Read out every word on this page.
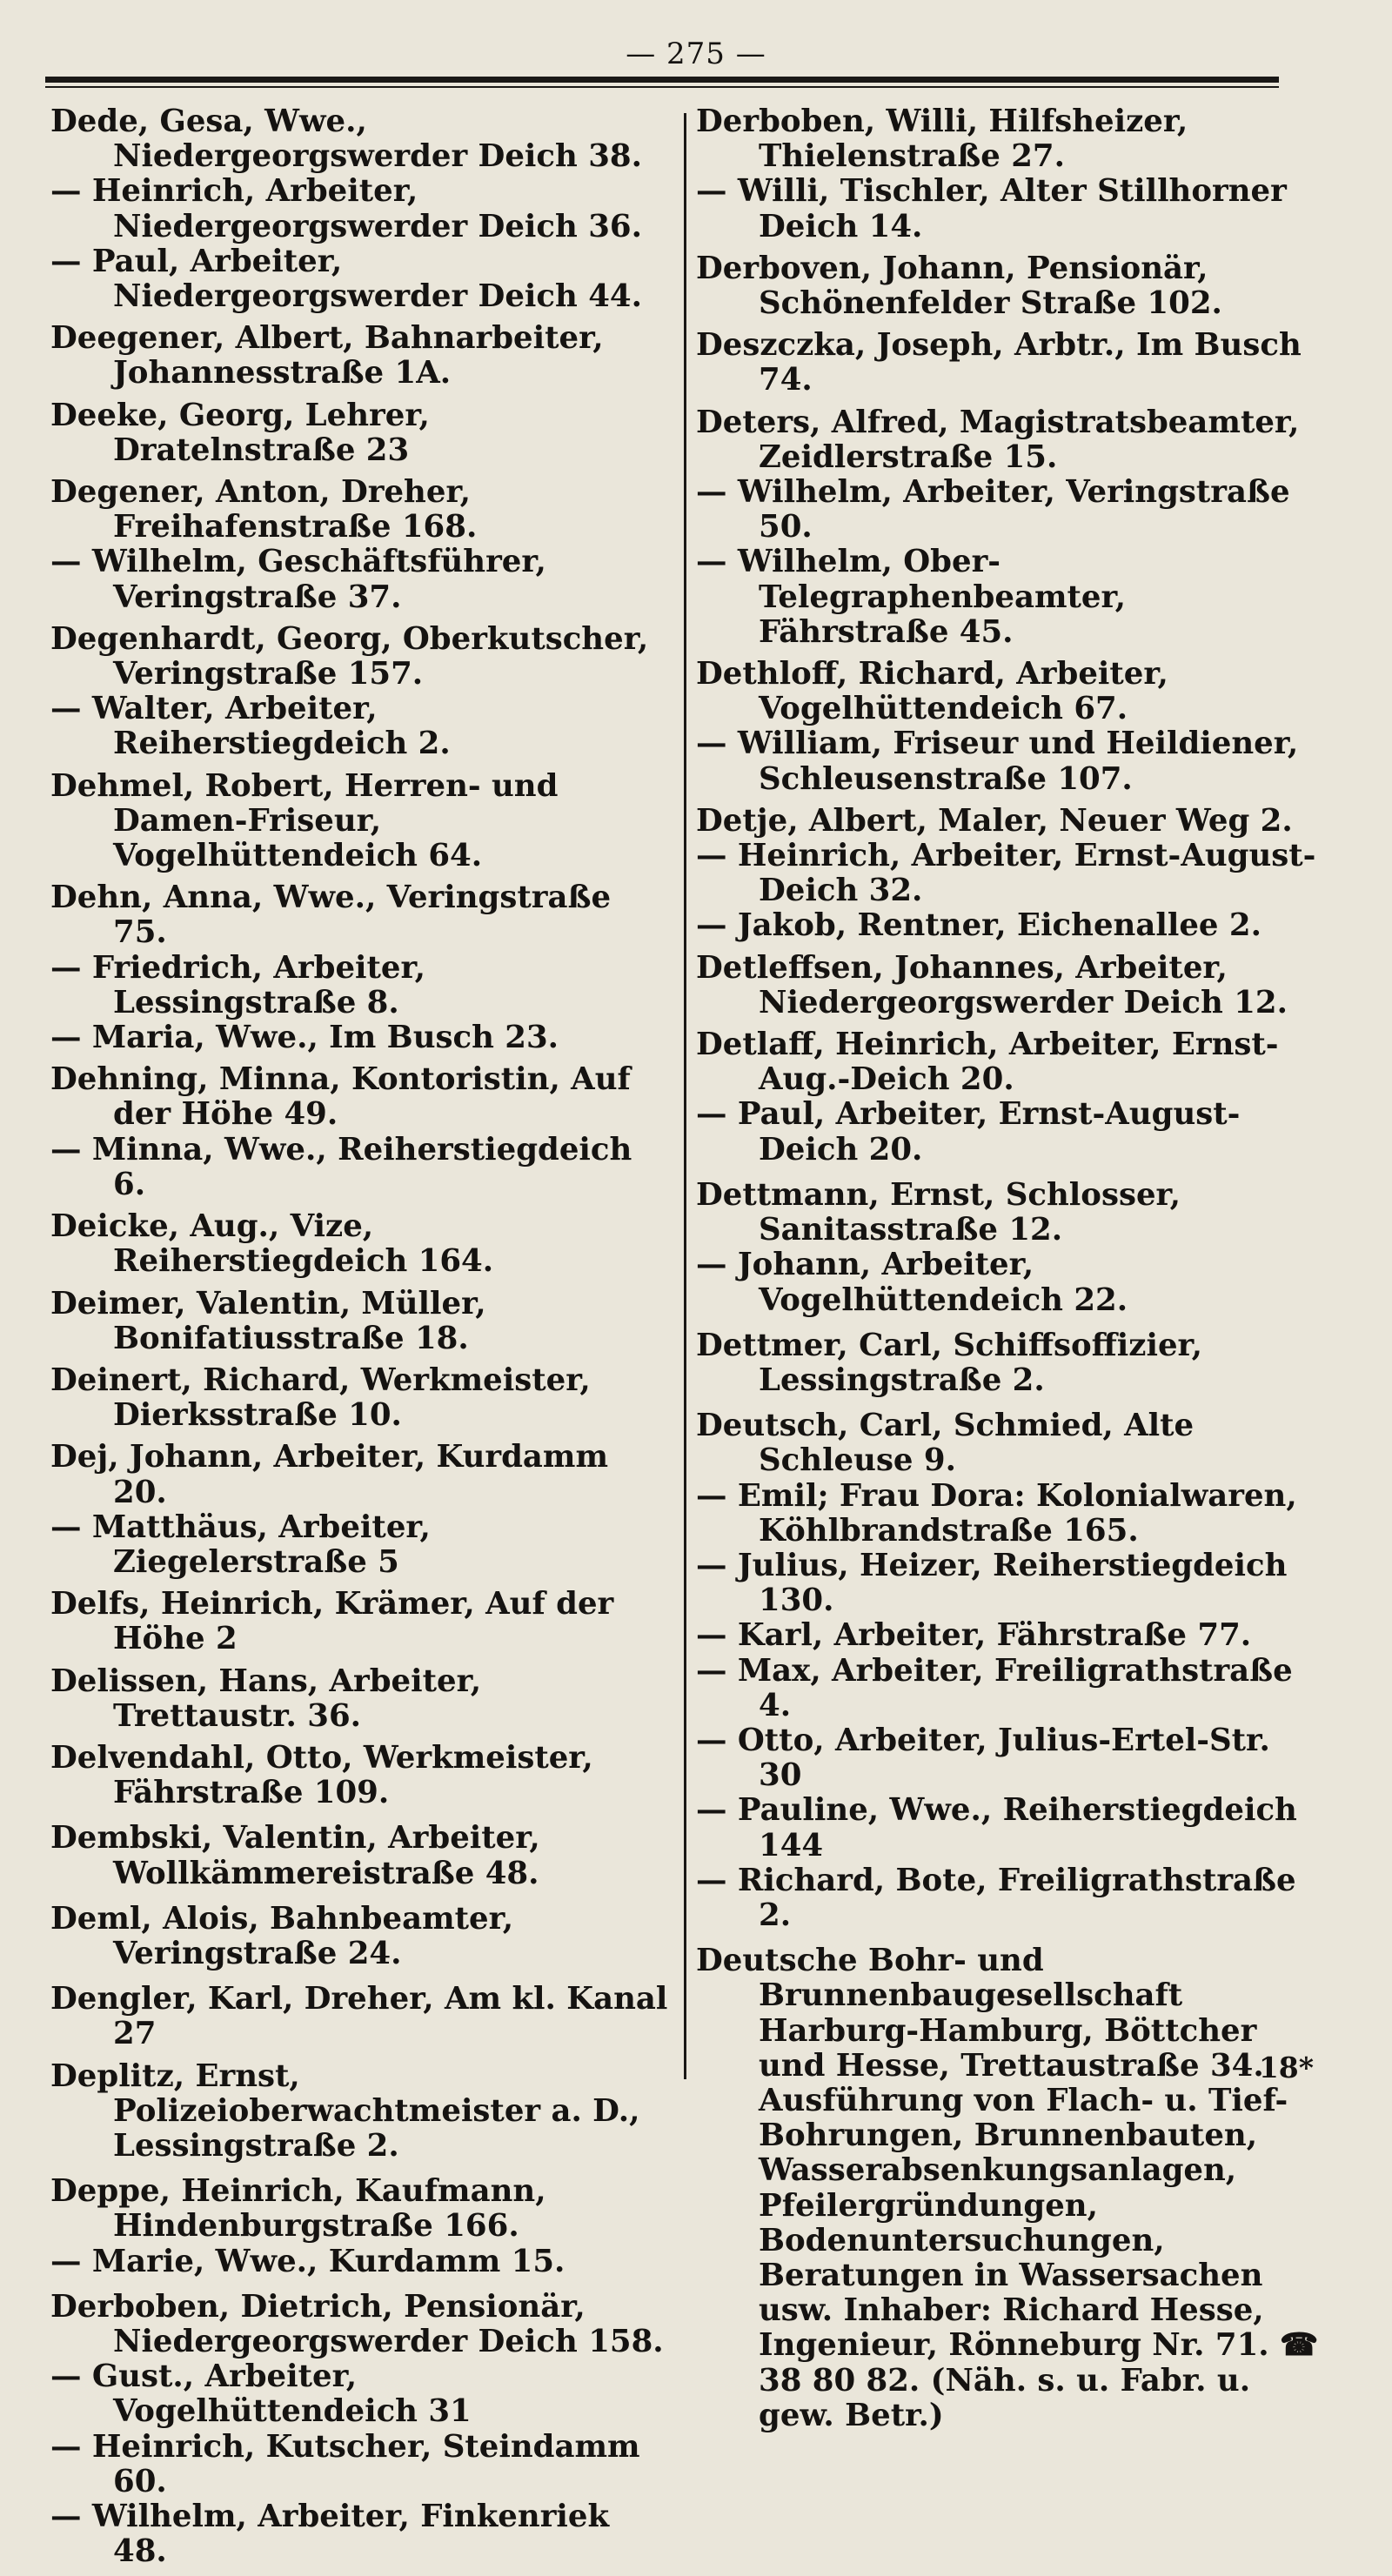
— 275 —

Dede, Gesa, Wwe., Niedergeorgswerder Deich 38.

— Heinrich, Arbeiter, Niedergeorgswerder Deich 36.

— Paul, Arbeiter, Niedergeorgswerder Deich 44.

Deegener, Albert, Bahnarbeiter, Johannesstraße 1A.

Deeke, Georg, Lehrer, Dratelnstraße 23

Degener, Anton, Dreher, Freihafenstraße 168.

— Wilhelm, Geschäftsführer, Veringstraße 37.

Degenhardt, Georg, Oberkutscher, Veringstraße 157.

— Walter, Arbeiter, Reiherstiegdeich 2.

Dehmel, Robert, Herren- und Damen-Friseur, Vogelhüttendeich 64.

Dehn, Anna, Wwe., Veringstraße 75.

— Friedrich, Arbeiter, Lessingstraße 8.

— Maria, Wwe., Im Busch 23.

Dehning, Minna, Kontoristin, Auf der Höhe 49.

— Minna, Wwe., Reiherstiegdeich 6.

Deicke, Aug., Vize, Reiherstiegdeich 164.

Deimer, Valentin, Müller, Bonifatiusstraße 18.

Deinert, Richard, Werkmeister, Dierksstraße 10.

Dej, Johann, Arbeiter, Kurdamm 20.

— Matthäus, Arbeiter, Ziegelerstraße 5

Delfs, Heinrich, Krämer, Auf der Höhe 2

Delissen, Hans, Arbeiter, Trettaustr. 36.

Delvendahl, Otto, Werkmeister, Fährstraße 109.

Dembski, Valentin, Arbeiter, Wollkämmereistraße 48.

Deml, Alois, Bahnbeamter, Veringstraße 24.

Dengler, Karl, Dreher, Am kl. Kanal 27

Deplitz, Ernst, Polizeioberwachtmeister a. D., Lessingstraße 2.

Deppe, Heinrich, Kaufmann, Hindenburgstraße 166.

— Marie, Wwe., Kurdamm 15.

Derboben, Dietrich, Pensionär, Niedergeorgswerder Deich 158.

— Gust., Arbeiter, Vogelhüttendeich 31

— Heinrich, Kutscher, Steindamm 60.

— Wilhelm, Arbeiter, Finkenriek 48.

Derboben, Willi, Hilfsheizer, Thielenstraße 27.

— Willi, Tischler, Alter Stillhorner Deich 14.

Derboven, Johann, Pensionär, Schönenfelder Straße 102.

Deszczka, Joseph, Arbtr., Im Busch 74.

Deters, Alfred, Magistratsbeamter, Zeidlerstraße 15.

— Wilhelm, Arbeiter, Veringstraße 50.

— Wilhelm, Ober-Telegraphenbeamter, Fährstraße 45.

Dethloff, Richard, Arbeiter, Vogelhüttendeich 67.

— William, Friseur und Heildiener, Schleusenstraße 107.

Detje, Albert, Maler, Neuer Weg 2.

— Heinrich, Arbeiter, Ernst-August-Deich 32.

— Jakob, Rentner, Eichenallee 2.

Detleffsen, Johannes, Arbeiter, Niedergeorgswerder Deich 12.

Detlaff, Heinrich, Arbeiter, Ernst-Aug.-Deich 20.

— Paul, Arbeiter, Ernst-August-Deich 20.

Dettmann, Ernst, Schlosser, Sanitasstraße 12.

— Johann, Arbeiter, Vogelhüttendeich 22.

Dettmer, Carl, Schiffsoffizier, Lessingstraße 2.

Deutsch, Carl, Schmied, Alte Schleuse 9.

— Emil; Frau Dora: Kolonialwaren, Köhlbrandstraße 165.

— Julius, Heizer, Reiherstiegdeich 130.

— Karl, Arbeiter, Fährstraße 77.

— Max, Arbeiter, Freiligrathstraße 4.

— Otto, Arbeiter, Julius-Ertel-Str. 30

— Pauline, Wwe., Reiherstiegdeich 144

— Richard, Bote, Freiligrathstraße 2.

Deutsche Bohr- und Brunnenbaugesellschaft Harburg-Hamburg, Böttcher und Hesse, Trettaustraße 34. Ausführung von Flach- u. Tief-Bohrungen, Brunnenbauten, Wasserabsenkungsanlagen, Pfeilergründungen, Bodenuntersuchungen, Beratungen in Wassersachen usw. Inhaber: Richard Hesse, Ingenieur, Rönneburg Nr. 71. ☎ 38 80 82. (Näh. s. u. Fabr. u. gew. Betr.)

18*
